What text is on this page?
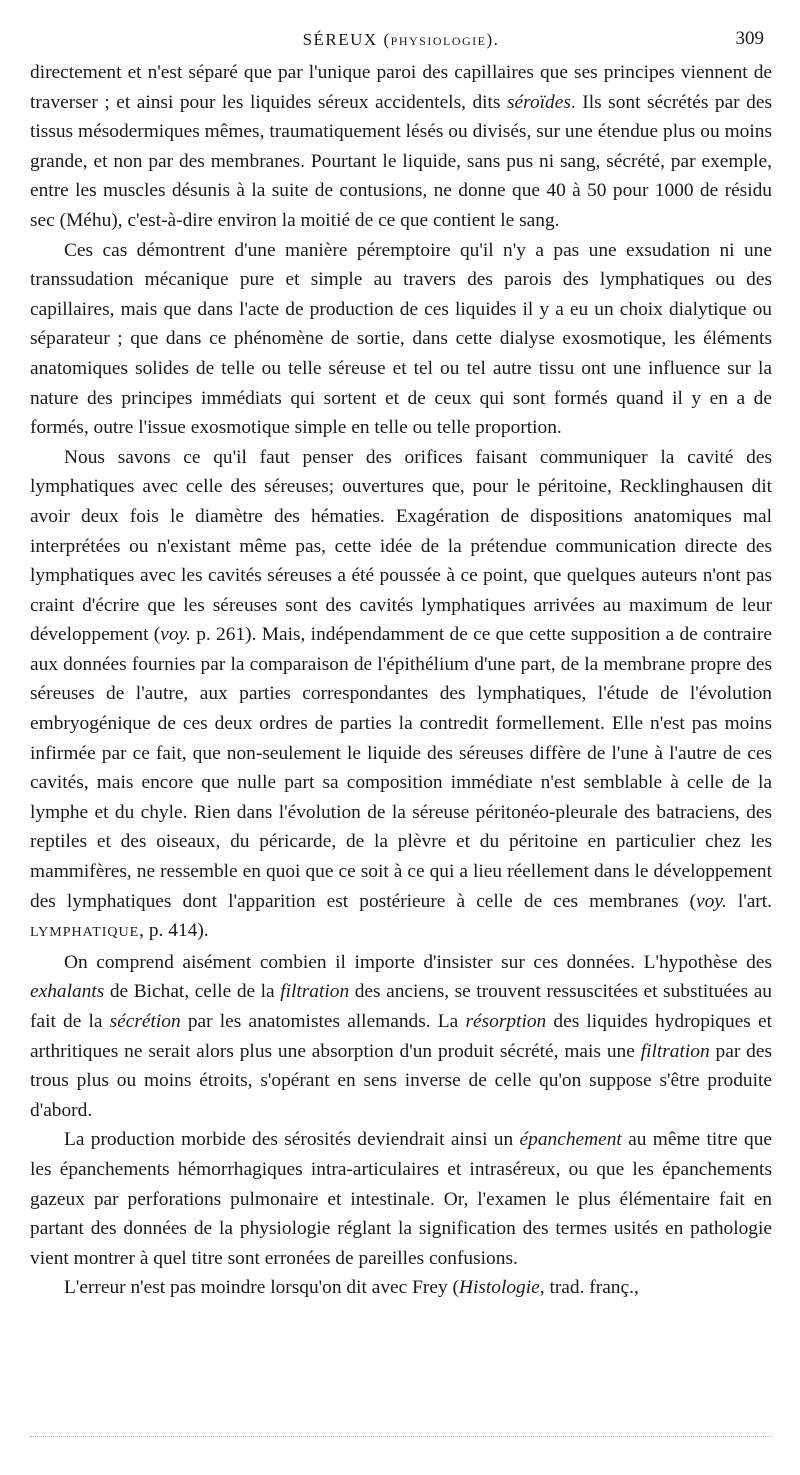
SÉREUX (PHYSIOLOGIE).	309

directement et n'est séparé que par l'unique paroi des capillaires que ses principes viennent de traverser ; et ainsi pour les liquides séreux accidentels, dits séroïdes. Ils sont sécrétés par des tissus mésodermiques mêmes, traumatiquement lésés ou divisés, sur une étendue plus ou moins grande, et non par des membranes. Pourtant le liquide, sans pus ni sang, sécrété, par exemple, entre les muscles désunis à la suite de contusions, ne donne que 40 à 50 pour 1000 de résidu sec (Méhu), c'est-à-dire environ la moitié de ce que contient le sang.

Ces cas démontrent d'une manière péremptoire qu'il n'y a pas une exsudation ni une transsudation mécanique pure et simple au travers des parois des lymphatiques ou des capillaires, mais que dans l'acte de production de ces liquides il y a eu un choix dialytique ou séparateur ; que dans ce phénomène de sortie, dans cette dialyse exosmotique, les éléments anatomiques solides de telle ou telle séreuse et tel ou tel autre tissu ont une influence sur la nature des principes immédiats qui sortent et de ceux qui sont formés quand il y en a de formés, outre l'issue exosmotique simple en telle ou telle proportion.

Nous savons ce qu'il faut penser des orifices faisant communiquer la cavité des lymphatiques avec celle des séreuses; ouvertures que, pour le péritoine, Recklinghausen dit avoir deux fois le diamètre des hématies. Exagération de dispositions anatomiques mal interprétées ou n'existant même pas, cette idée de la prétendue communication directe des lymphatiques avec les cavités séreuses a été poussée à ce point, que quelques auteurs n'ont pas craint d'écrire que les séreuses sont des cavités lymphatiques arrivées au maximum de leur développement (voy. p. 261). Mais, indépendamment de ce que cette supposition a de contraire aux données fournies par la comparaison de l'épithélium d'une part, de la membrane propre des séreuses de l'autre, aux parties correspondantes des lymphatiques, l'étude de l'évolution embryogénique de ces deux ordres de parties la contredit formellement. Elle n'est pas moins infirmée par ce fait, que non-seulement le liquide des séreuses diffère de l'une à l'autre de ces cavités, mais encore que nulle part sa composition immédiate n'est semblable à celle de la lymphe et du chyle. Rien dans l'évolution de la séreuse péritonéo-pleurale des batraciens, des reptiles et des oiseaux, du péricarde, de la plèvre et du péritoine en particulier chez les mammifères, ne ressemble en quoi que ce soit à ce qui a lieu réellement dans le développement des lymphatiques dont l'apparition est postérieure à celle de ces membranes (voy. l'art. LYMPHATIQUE, p. 414).

On comprend aisément combien il importe d'insister sur ces données. L'hypothèse des exhalants de Bichat, celle de la filtration des anciens, se trouvent ressuscitées et substituées au fait de la sécrétion par les anatomistes allemands. La résorption des liquides hydropiques et arthritiques ne serait alors plus une absorption d'un produit sécrété, mais une filtration par des trous plus ou moins étroits, s'opérant en sens inverse de celle qu'on suppose s'être produite d'abord.

La production morbide des sérosités deviendrait ainsi un épanchement au même titre que les épanchements hémorrhagiques intra-articulaires et intraséreux, ou que les épanchements gazeux par perforations pulmonaire et intestinale. Or, l'examen le plus élémentaire fait en partant des données de la physiologie réglant la signification des termes usités en pathologie vient montrer à quel titre sont erronées de pareilles confusions.

L'erreur n'est pas moindre lorsqu'on dit avec Frey (Histologie, trad. franç.,
